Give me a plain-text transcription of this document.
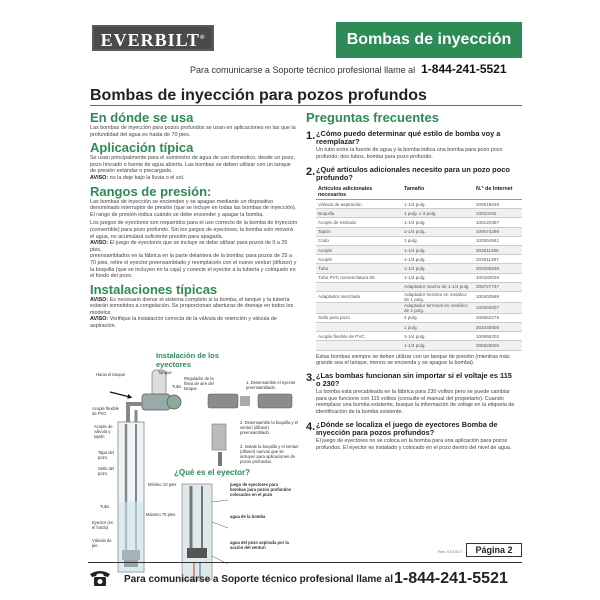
EVERBILT®	Bombas de inyección
Para comunicarse a Soporte técnico profesional llame al 1-844-241-5521
Bombas de inyección para pozos profundos
En dónde se usa

Las bombas de inyección para pozos profundos se usan en aplicaciones en las que la profundidad del agua es hasta de 70 pies.

Aplicación típica

Se usan principalmente para el suministro de agua de uso doméstico, desde un pozo, pozo hincado o fuente de agua abierta. Las bombas se deben utilizar con un tanque de presión estándar o precargado.

AVISO: no la deje bajo la lluvia o el sol.

Rangos de presión:

Las bombas de inyección se encienden y se apagan mediante un dispositivo denominado interruptor de presión (que se incluye en todas las bombas de inyección). El rango de presión indica cuándo se debe encender y apagar la bomba.

Los juegos de eyectores son requeridos para el uso correcto de la bomba de inyección (convertible) para pozo profundo. Sin los juegos de eyectores, la bomba solo moverá el agua, no acumulará suficiente presión para apagarla.

AVISO: El juego de eyectores que se incluye se debe utilizar para pozos de 0 a 25 pies,

preensamblados en la fábrica en la parte delantera de la bomba; para pozos de 25 a 70 pies, retire el eyector preensamblado y reemplácelo con el nuevo venturi (difusor) y la boquilla (que se incluyen en la caja) y conecte el eyector a la tubería y colóquelo en el fondo del pozo.

Instalaciones típicas

AVISO: Es necesario drenar el sistema completo si la bomba, el tanque y la tubería estarán sometidos a congelación. Se proporcionan aberturas de drenaje en todos los modelos.

AVISO: Verifique la instalación correcta de la válvula de retención y válvula de aspiración.

Instalación de los eyectores
¿Qué es el eyector?
Hacia el tanque	Tanque
Regulador de la línea de aire del tanque
Tubo
Acople flexible de PVC
Acople de válvula y tapón
Tapa del pozo
Sello del pozo
Tubo
Eyector (en el fondo)
Válvula de pie
Mínimo 10 pies
Máximo 70 pies
juego de eyectores para bombas para pozos profundos colocados en el pozo
agua de la bomba
agua del pozo aspirada por la acción del venturi
1. Desensamble el eyector preensamblado.
2. Desensamble la boquilla y el venturi (difusor) preensamblado.
3. Instale la boquilla y el venturi (difusor) nuevos que se incluyen para aplicaciones de pozos profundos.
Preguntas frecuentes
1. ¿Cómo puedo determinar qué estilo de bomba voy a reemplazar?

Un tubo entre la fuente de agua y la bomba indica una bomba para pozo poco profundo; dos tubos, bomba para pozo profundo.

2. ¿Qué artículos adicionales necesito para un pozo poco profundo?
Artículos adicionales necesarios	Tamaño	N.° de Internet
Válvula de aspiración	1-1/4 pulg.	205616048
Boquilla	1 pulg. x 3 pulg.	10010102
Acople de estriado	1-1/4 pulg.	100120397
Tapón	1-1/4 pulg.	100074298
Codo	1 pulg.	100064941
Acople	1-1/4 pulg.	203611385
Acople	1-1/4 pulg.	203611387
Tubo	1-1/4 pulg.	202280838
Tubo PVC nomenclatura 80	1-1/4 pulg.	100182026
	Adaptador macho de 1-1/4 pulg.	205727747
Adaptador mezclado	Adaptador hembra en metálico de 1 pulg.	100403599
	Adaptador terminal en metálico de 1 pulg.	100404007
Sello para pozo	4 pulg.	206652279
	1 pulg.	202245605
Acople flexible de PVC	1-1/4 pulg.	100655202
	1-1/4 pulg.	206826606

Estas bombas siempre se deben utilizar con un tanque de presión (mientras más grande sea el tanque, menos se encienda y se apague la bomba).

3. ¿Las bombas funcionan sin importar si el voltaje es 115 o 230?

La bomba está precableada en la fábrica para 230 voltios pero se puede cambiar para que funcione con 115 voltios (consulte el manual del propietario). Cuando reemplace una bomba existente, busque la información de voltaje en la etiqueta de identificación de la bomba existente.

4. ¿Dónde se localiza el juego de eyectores Bomba de inyección para pozos profundos?

El juego de eyectores no se coloca en la bomba para una aplicación para pozos profundos. El eyector es instalado y colocado en el pozo dentro del nivel de agua.

Rev. 02/15/17	Página 2
Para comunicarse a Soporte técnico profesional llame al 1-844-241-5521
